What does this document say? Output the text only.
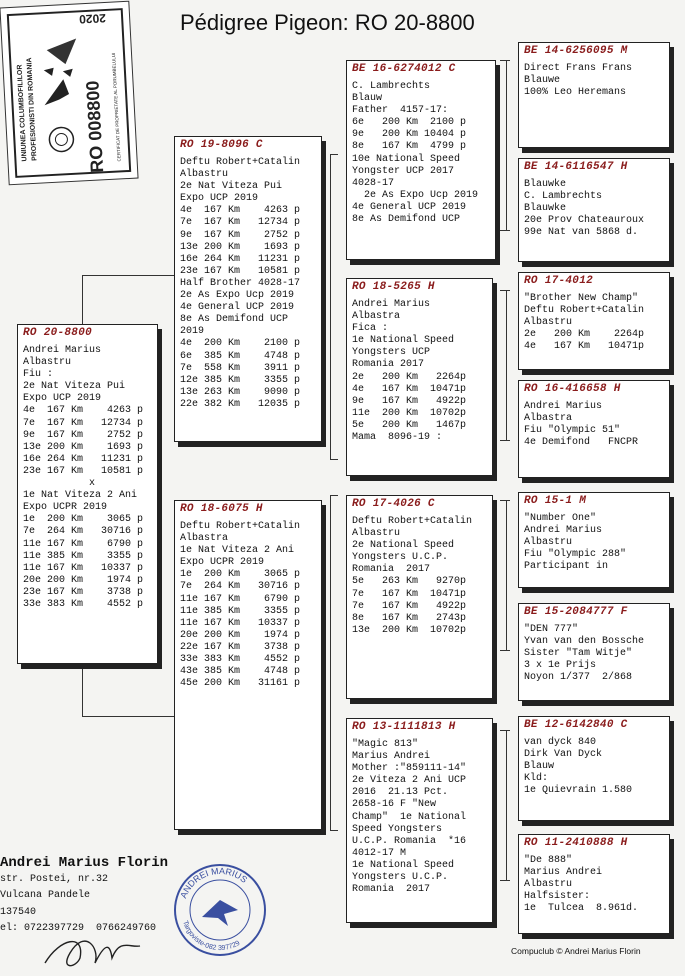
Pédigree Pigeon: RO 20-8800
2020
UNIUNEA COLUMBOFILILOR
PROFESIONISTI DIN ROMANIA	CERTIFICAT DE PROPRIETATE AL PORUMBELULUI
RO 008800
RO 20-8800
Andrei Marius
Albastru
Fiu :
2e Nat Viteza Pui
Expo UCP 2019
4e  167 Km    4263 p
7e  167 Km   12734 p
9e  167 Km    2752 p
13e 200 Km    1693 p
16e 264 Km   11231 p
23e 167 Km   10581 p
x
1e Nat Viteza 2 Ani
Expo UCPR 2019
1e  200 Km    3065 p
7e  264 Km   30716 p
11e 167 Km    6790 p
11e 385 Km    3355 p
11e 167 Km   10337 p
20e 200 Km    1974 p
23e 167 Km    3738 p
33e 383 Km    4552 p
RO 19-8096 C
Deftu Robert+Catalin
Albastru
2e Nat Viteza Pui
Expo UCP 2019
4e  167 Km    4263 p
7e  167 Km   12734 p
9e  167 Km    2752 p
13e 200 Km    1693 p
16e 264 Km   11231 p
23e 167 Km   10581 p
Half Brother 4028-17
2e As Expo Ucp 2019
4e General UCP 2019
8e As Demifond UCP
2019
4e  200 Km    2100 p
6e  385 Km    4748 p
7e  558 Km    3911 p
12e 385 Km    3355 p
13e 263 Km    9090 p
22e 382 Km   12035 p
RO 18-6075 H
Deftu Robert+Catalin
Albastra
1e Nat Viteza 2 Ani
Expo UCPR 2019
1e  200 Km    3065 p
7e  264 Km   30716 p
11e 167 Km    6790 p
11e 385 Km    3355 p
11e 167 Km   10337 p
20e 200 Km    1974 p
22e 167 Km    3738 p
33e 383 Km    4552 p
43e 385 Km    4748 p
45e 200 Km   31161 p
BE 16-6274012 C
C. Lambrechts
Blauw
Father  4157-17:
6e   200 Km  2100 p
9e   200 Km 10404 p
8e   167 Km  4799 p
10e National Speed
Yongster UCP 2017
4028-17
2e As Expo Ucp 2019
4e General UCP 2019
8e As Demifond UCP
RO 18-5265 H
Andrei Marius
Albastra
Fica :
1e National Speed
Yongsters UCP
Romania 2017
2e   200 Km   2264p
4e   167 Km  10471p
9e   167 Km   4922p
11e  200 Km  10702p
5e   200 Km   1467p
Mama  8096-19 :
RO 17-4026 C
Deftu Robert+Catalin
Albastru
2e National Speed
Yongsters U.C.P.
Romania  2017
5e   263 Km   9270p
7e   167 Km  10471p
7e   167 Km   4922p
8e   167 Km   2743p
13e  200 Km  10702p
RO 13-1111813 H
"Magic 813"
Marius Andrei
Mother :"859111-14"
2e Viteza 2 Ani UCP
2016  21.13 Pct.
2658-16 F "New
Champ"  1e National
Speed Yongsters
U.C.P. Romania  *16
4012-17 M
1e National Speed
Yongsters U.C.P.
Romania  2017
BE 14-6256095 M
Direct Frans Frans
Blauwe
100% Leo Heremans
BE 14-6116547 H
Blauwke
C. Lambrechts
Blauwke
20e Prov Chateauroux
99e Nat van 5868 d.
RO 17-4012
"Brother New Champ"
Deftu Robert+Catalin
Albastru
2e   200 Km    2264p
4e   167 Km   10471p
RO 16-416658 H
Andrei Marius
Albastra
Fiu "Olympic 51"
4e Demifond   FNCPR
RO 15-1 M
"Number One"
Andrei Marius
Albastru
Fiu "Olympic 288"
Participant in
BE 15-2084777 F
"DEN 777"
Yvan van den Bossche
Sister "Tam Witje"
3 x 1e Prijs
Noyon 1/377  2/868
BE 12-6142840 C
van dyck 840
Dirk Van Dyck
Blauw
Kld:
1e Quievrain 1.580
RO 11-2410888 H
"De 888"
Marius Andrei
Albastru
Halfsister:
1e  Tulcea  8.961d.
Andrei Marius Florin
str. Postei, nr.32
Vulcana Pandele
137540
el: 0722397729  0766249760
ANDREI MARIUS
Targoviste-082 397729
Compuclub © Andrei Marius Florin
